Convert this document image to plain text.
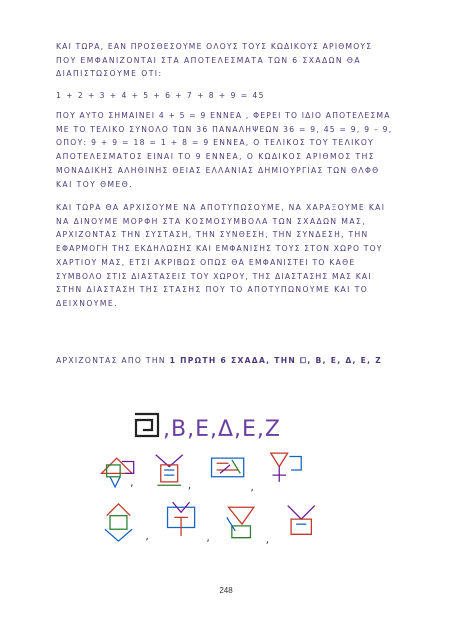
ΚΑΙ ΤΩΡΑ, ΕΑΝ ΠΡΟΣΘΕΣΟΥΜΕ ΟΛΟΥΣ ΤΟΥΣ ΚΩΔΙΚΟΥΣ ΑΡΙΘΜΟΥΣ
ΠΟΥ ΕΜΦΑΝΙΖΟΝΤΑΙ ΣΤΑ ΑΠΟΤΕΛΕΣΜΑΤΑ ΤΩΝ 6 ΣΧΑΔΩΝ ΘΑ
ΔΙΑΠΙΣΤΩΣΟΥΜΕ ΟΤΙ:
1 + 2 + 3 + 4 + 5 + 6 + 7 + 8 + 9 = 45
ΠΟΥ ΑΥΤΟ ΣΗΜΑΙΝΕΙ 4 + 5 = 9 ΕΝΝΕΑ , ΦΕΡΕΙ ΤΟ ΙΔΙΟ ΑΠΟΤΕΛΕΣΜΑ
ΜΕ ΤΟ ΤΕΛΙΚΟ ΣΥΝΟΛΟ ΤΩΝ 36 ΠΑΝΑΛΗΨΕΩΝ 36 = 9, 45 = 9, 9 – 9,
ΟΠΟΥ: 9 + 9 = 18 = 1 + 8 = 9 ΕΝΝΕΑ, Ο ΤΕΛΙΚΟΣ ΤΟΥ ΤΕΛΙΚΟΥ
ΑΠΟΤΕΛΕΣΜΑΤΟΣ ΕΙΝΑΙ ΤΟ 9 ΕΝΝΕΑ, Ο ΚΩΔΙΚΟΣ ΑΡΙΘΜΟΣ ΤΗΣ
ΜΟΝΑΔΙΚΗΣ ΑΛΗΘΙΝΗΣ ΘΕΙΑΣ ΕΛΛΑΝΙΑΣ ΔΗΜΙΟΥΡΓΙΑΣ ΤΩΝ ΘΛΦΘ
ΚΑΙ ΤΟΥ ΘΜΕΘ.
ΚΑΙ ΤΩΡΑ ΘΑ ΑΡΧΙΣΟΥΜΕ ΝΑ ΑΠΟΤΥΠΩΣΟΥΜΕ, ΝΑ ΧΑΡΑΞΟΥΜΕ ΚΑΙ
ΝΑ ΔΙΝΟΥΜΕ ΜΟΡΦΗ ΣΤΑ ΚΟΣΜΟΣΥΜΒΟΛΑ ΤΩΝ ΣΧΑΔΩΝ ΜΑΣ,
ΑΡΧΙΖΟΝΤΑΣ ΤΗΝ ΣΥΣΤΑΣΗ, ΤΗΝ ΣΥΝΘΕΣΗ, ΤΗΝ ΣΥΝΔΕΣΗ, ΤΗΝ
ΕΦΑΡΜΟΓΗ ΤΗΣ ΕΚΔΗΛΩΣΗΣ ΚΑΙ ΕΜΦΑΝΙΣΗΣ ΤΟΥΣ ΣΤΟΝ ΧΩΡΟ ΤΟΥ
ΧΑΡΤΙΟΥ ΜΑΣ, ΕΤΣΙ ΑΚΡΙΒΩΣ ΟΠΩΣ ΘΑ ΕΜΦΑΝΙΣΤΕΙ ΤΟ ΚΑΘΕ
ΣΥΜΒΟΛΟ ΣΤΙΣ ΔΙΑΣΤΑΣΕΙΣ ΤΟΥ ΧΩΡΟΥ, ΤΗΣ ΔΙΑΣΤΑΣΗΣ ΜΑΣ ΚΑΙ
ΣΤΗΝ ΔΙΑΣΤΑΣΗ ΤΗΣ ΣΤΑΣΗΣ ΠΟΥ ΤΟ ΑΠΟΤΥΠΩΝΟΥΜΕ ΚΑΙ ΤΟ
ΔΕΙΧΝΟΥΜΕ.
ΑΡΧΙΖΟΝΤΑΣ ΑΠΟ ΤΗΝ 1 ΠΡΩΤΗ 6 ΣΧΑΔΑ, ΤΗΝ ⧠, Β, Ε, Δ, Ε, Ζ
,Β,Ε,Δ,Ε,Ζ
,	,	,
,	,	,
248
